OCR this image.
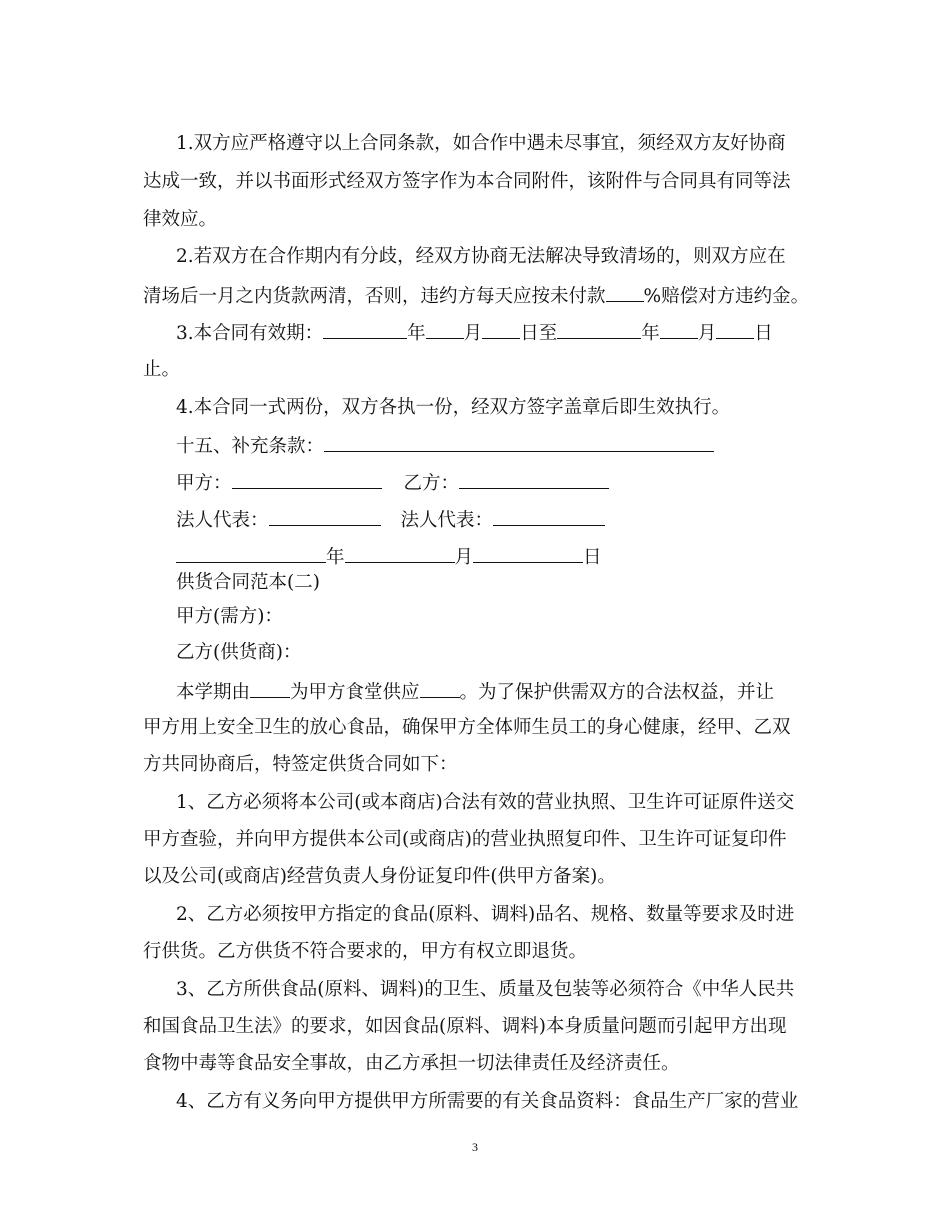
1.双方应严格遵守以上合同条款，如合作中遇未尽事宜，须经双方友好协商
达成一致，并以书面形式经双方签字作为本合同附件，该附件与合同具有同等法
律效应。
2.若双方在合作期内有分歧，经双方协商无法解决导致清场的，则双方应在
清场后一月之内货款两清，否则，违约方每天应按未付款 %赔偿对方违约金。
3.本合同有效期：	年 月 日至	年 月 日
止。
4.本合同一式两份，双方各执一份，经双方签字盖章后即生效执行。
十五、补充条款：
甲方：	乙方：
法人代表：	法人代表：
年	月	日
供货合同范本(二)
甲方(需方)：
乙方(供货商)：
本学期由 为甲方食堂供应 。为了保护供需双方的合法权益，并让
甲方用上安全卫生的放心食品，确保甲方全体师生员工的身心健康，经甲、乙双
方共同协商后，特签定供货合同如下：
1、乙方必须将本公司(或本商店)合法有效的营业执照、卫生许可证原件送交
甲方查验，并向甲方提供本公司(或商店)的营业执照复印件、卫生许可证复印件
以及公司(或商店)经营负责人身份证复印件(供甲方备案)。
2、乙方必须按甲方指定的食品(原料、调料)品名、规格、数量等要求及时进
行供货。乙方供货不符合要求的，甲方有权立即退货。
3、乙方所供食品(原料、调料)的卫生、质量及包装等必须符合《中华人民共
和国食品卫生法》的要求，如因食品(原料、调料)本身质量问题而引起甲方出现
食物中毒等食品安全事故，由乙方承担一切法律责任及经济责任。
4、乙方有义务向甲方提供甲方所需要的有关食品资料：食品生产厂家的营业
3
